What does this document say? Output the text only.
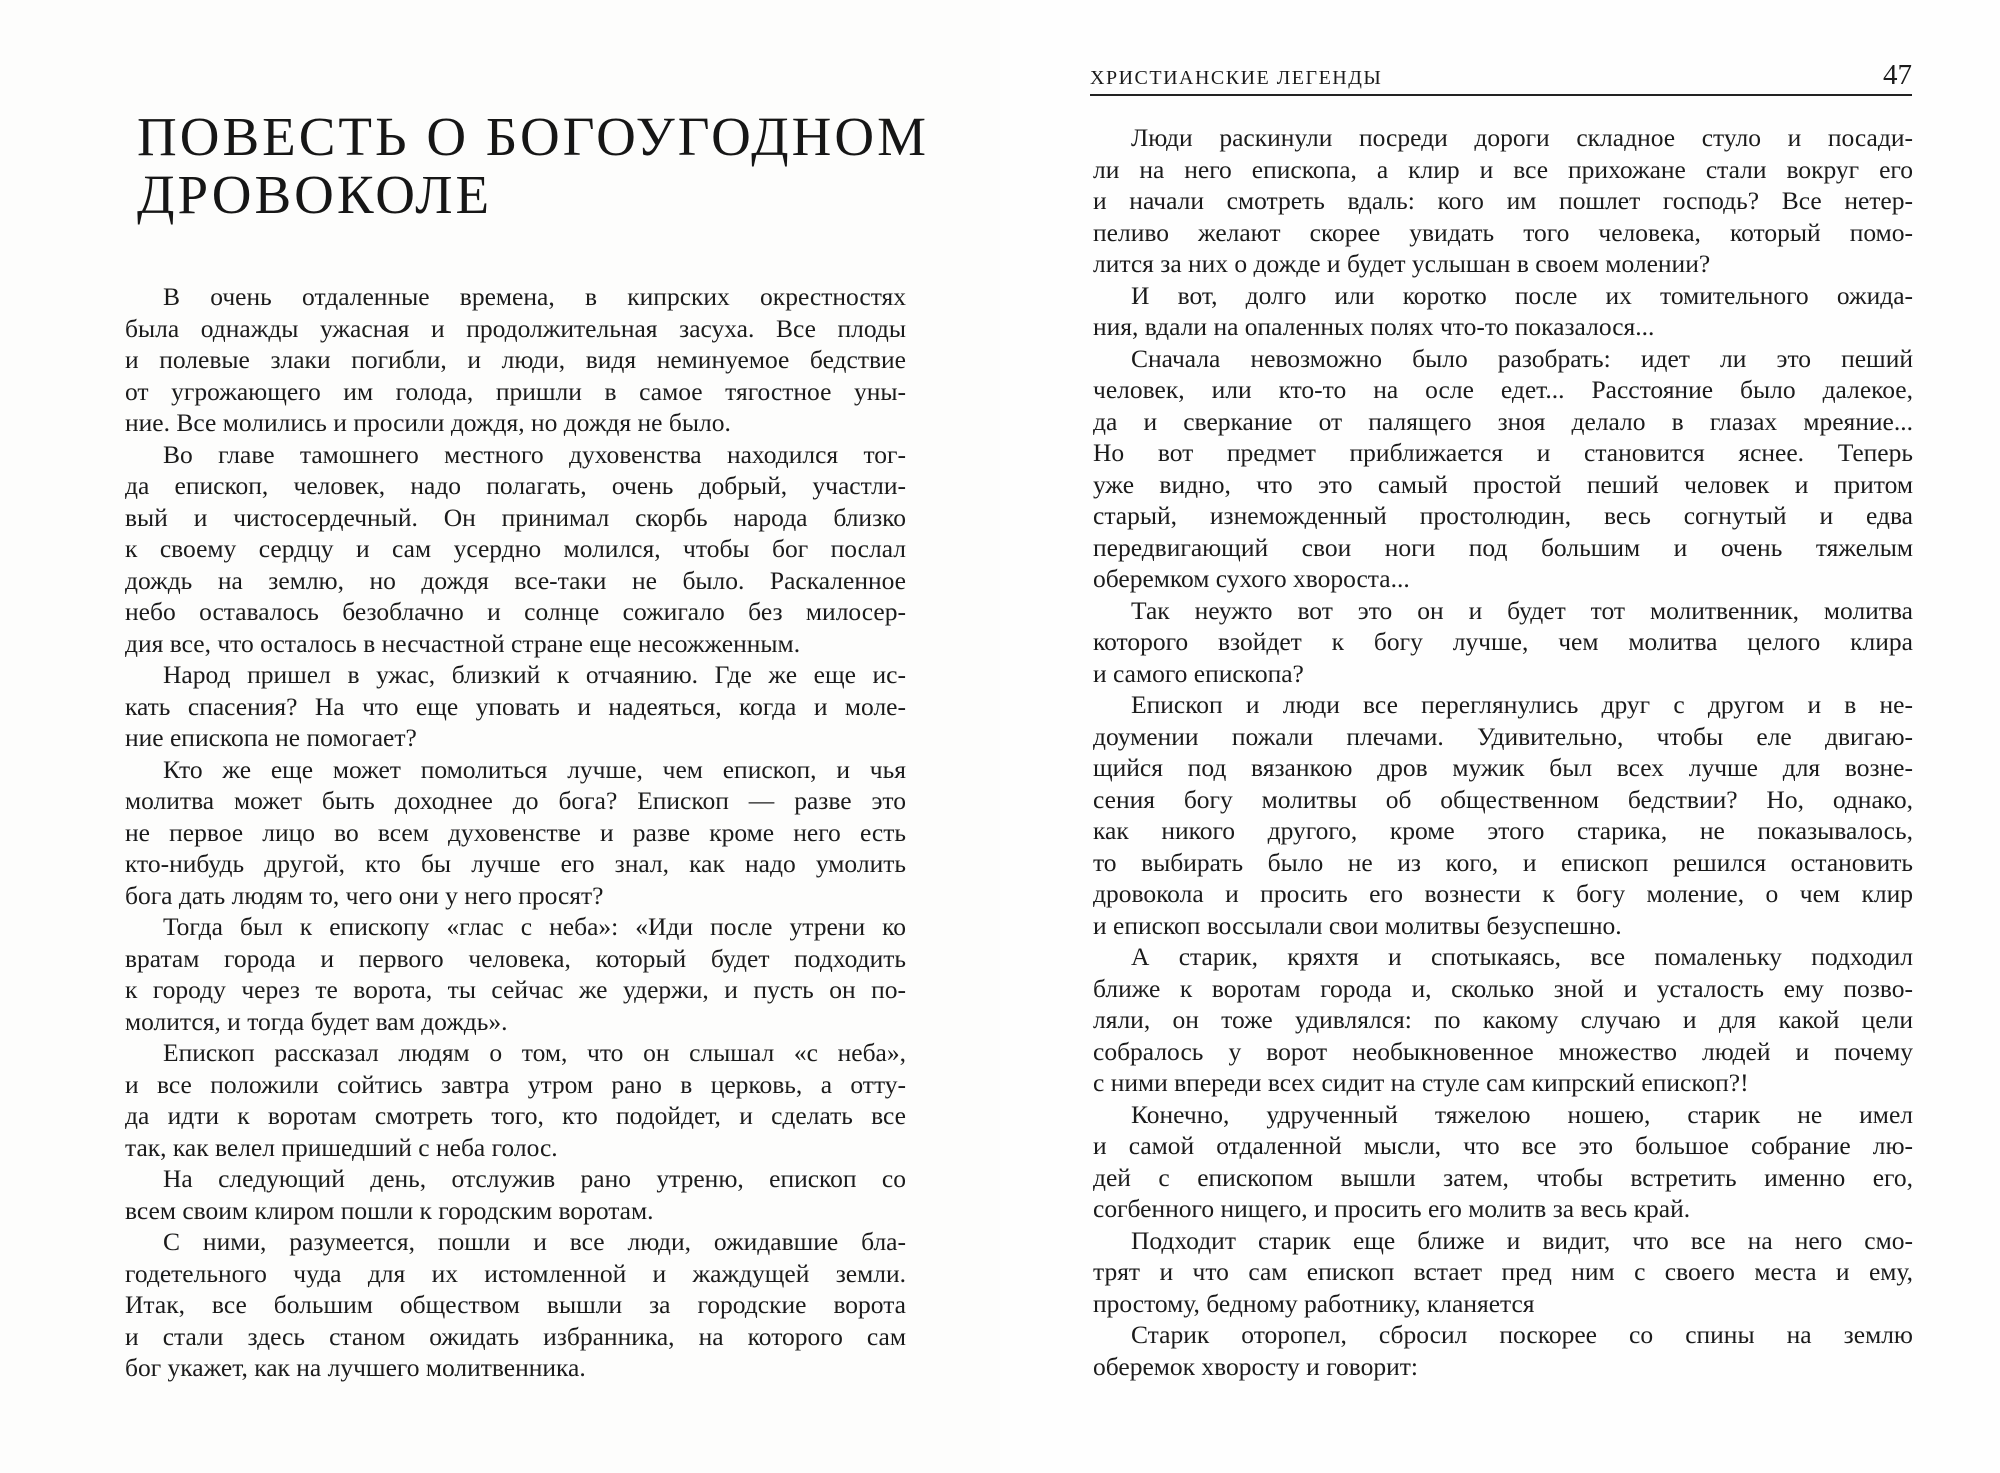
ПОВЕСТЬ О БОГОУГОДНОМ
ДРОВОКОЛЕ
В очень отдаленные времена, в кипрских окрестностях
была однажды ужасная и продолжительная засуха. Все плоды
и полевые злаки погибли, и люди, видя неминуемое бедствие
от угрожающего им голода, пришли в самое тягостное уны-
ние. Все молились и просили дождя, но дождя не было.
Во главе тамошнего местного духовенства находился тог-
да епископ, человек, надо полагать, очень добрый, участли-
вый и чистосердечный. Он принимал скорбь народа близко
к своему сердцу и сам усердно молился, чтобы бог послал
дождь на землю, но дождя все-таки не было. Раскаленное
небо оставалось безоблачно и солнце сожигало без милосер-
дия все, что осталось в несчастной стране еще несожженным.
Народ пришел в ужас, близкий к отчаянию. Где же еще ис-
кать спасения? На что еще уповать и надеяться, когда и моле-
ние епископа не помогает?
Кто же еще может помолиться лучше, чем епископ, и чья
молитва может быть доходнее до бога? Епископ — разве это
не первое лицо во всем духовенстве и разве кроме него есть
кто-нибудь другой, кто бы лучше его знал, как надо умолить
бога дать людям то, чего они у него просят?
Тогда был к епископу «глас с неба»: «Иди после утрени ко
вратам города и первого человека, который будет подходить
к городу через те ворота, ты сейчас же удержи, и пусть он по-
молится, и тогда будет вам дождь».
Епископ рассказал людям о том, что он слышал «с неба»,
и все положили сойтись завтра утром рано в церковь, а отту-
да идти к воротам смотреть того, кто подойдет, и сделать все
так, как велел пришедший с неба голос.
На следующий день, отслужив рано утреню, епископ со
всем своим клиром пошли к городским воротам.
С ними, разумеется, пошли и все люди, ожидавшие бла-
годетельного чуда для их истомленной и жаждущей земли.
Итак, все большим обществом вышли за городские ворота
и стали здесь станом ожидать избранника, на которого сам
бог укажет, как на лучшего молитвенника.
ХРИСТИАНСКИЕ ЛЕГЕНДЫ	47
Люди раскинули посреди дороги складное стуло и посади-
ли на него епископа, а клир и все прихожане стали вокруг его
и начали смотреть вдаль: кого им пошлет господь? Все нетер-
пеливо желают скорее увидать того человека, который помо-
лится за них о дожде и будет услышан в своем молении?
И вот, долго или коротко после их томительного ожида-
ния, вдали на опаленных полях что-то показалося...
Сначала невозможно было разобрать: идет ли это пеший
человек, или кто-то на осле едет... Расстояние было далекое,
да и сверкание от палящего зноя делало в глазах мреяние...
Но вот предмет приближается и становится яснее. Теперь
уже видно, что это самый простой пеший человек и притом
старый, изнеможденный простолюдин, весь согнутый и едва
передвигающий свои ноги под большим и очень тяжелым
оберемком сухого хвороста...
Так неужто вот это он и будет тот молитвенник, молитва
которого взойдет к богу лучше, чем молитва целого клира
и самого епископа?
Епископ и люди все переглянулись друг с другом и в не-
доумении пожали плечами. Удивительно, чтобы еле двигаю-
щийся под вязанкою дров мужик был всех лучше для возне-
сения богу молитвы об общественном бедствии? Но, однако,
как никого другого, кроме этого старика, не показывалось,
то выбирать было не из кого, и епископ решился остановить
дровокола и просить его вознести к богу моление, о чем клир
и епископ воссылали свои молитвы безуспешно.
А старик, кряхтя и спотыкаясь, все помаленьку подходил
ближе к воротам города и, сколько зной и усталость ему позво-
ляли, он тоже удивлялся: по какому случаю и для какой цели
собралось у ворот необыкновенное множество людей и почему
с ними впереди всех сидит на стуле сам кипрский епископ?!
Конечно, удрученный тяжелою ношею, старик не имел
и самой отдаленной мысли, что все это большое собрание лю-
дей с епископом вышли затем, чтобы встретить именно его,
согбенного нищего, и просить его молитв за весь край.
Подходит старик еще ближе и видит, что все на него смо-
трят и что сам епископ встает пред ним с своего места и ему,
простому, бедному работнику, кланяется
Старик оторопел, сбросил поскорее со спины на землю
оберемок хворосту и говорит:
